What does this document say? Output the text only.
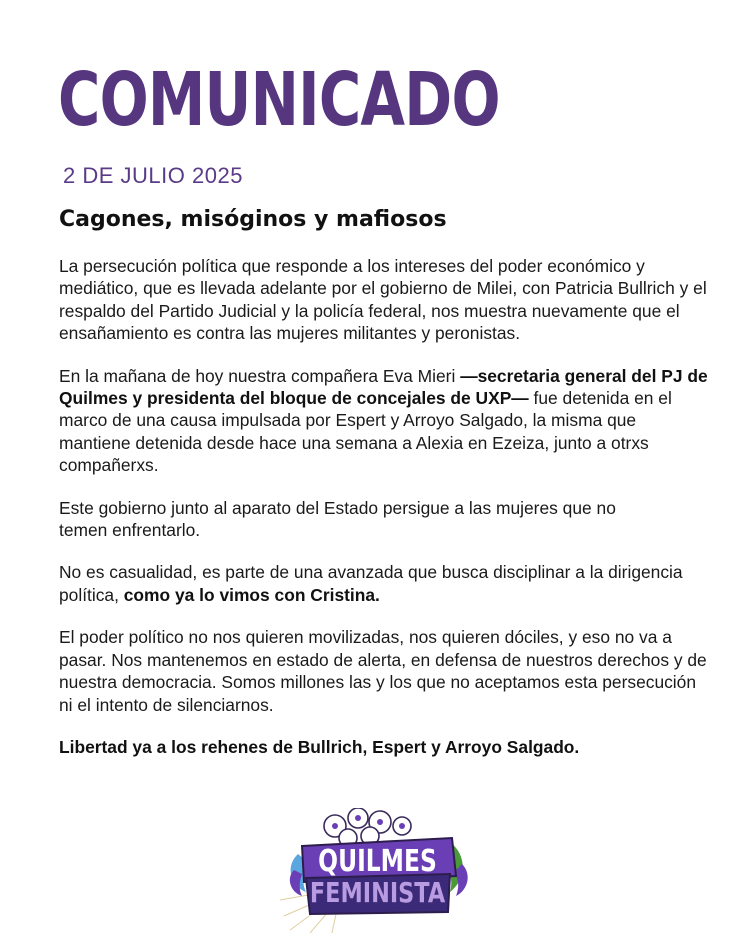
COMUNICADO
2 DE JULIO 2025
Cagones, misóginos y mafiosos

La persecución política que responde a los intereses del poder económico y mediático, que es llevada adelante por el gobierno de Milei, con Patricia Bullrich y el respaldo del Partido Judicial y la policía federal, nos muestra nuevamente que el ensañamiento es contra las mujeres militantes y peronistas.

En la mañana de hoy nuestra compañera Eva Mieri —secretaria general del PJ de Quilmes y presidenta del bloque de concejales de UXP— fue detenida en el marco de una causa impulsada por Espert y Arroyo Salgado, la misma que mantiene detenida desde hace una semana a Alexia en Ezeiza, junto a otrxs compañerxs.

Este gobierno junto al aparato del Estado persigue a las mujeres que no temen enfrentarlo.

No es casualidad, es parte de una avanzada que busca disciplinar a la dirigencia política, como ya lo vimos con Cristina.

El poder político no nos quieren movilizadas, nos quieren dóciles, y eso no va a pasar. Nos mantenemos en estado de alerta, en defensa de nuestros derechos y de nuestra democracia. Somos millones las y los que no aceptamos esta persecución ni el intento de silenciarnos.

Libertad ya a los rehenes de Bullrich, Espert y Arroyo Salgado.

QUILMES
FEMINISTA
